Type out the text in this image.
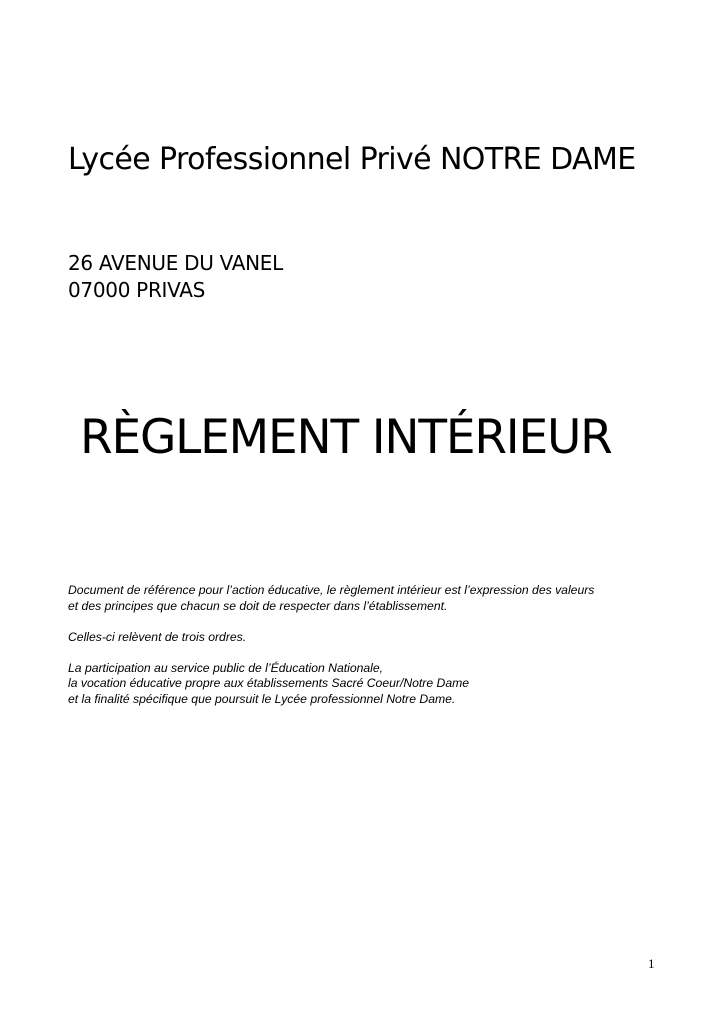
Lycée Professionnel Privé NOTRE DAME
26 AVENUE DU VANEL
07000 PRIVAS
RÈGLEMENT INTÉRIEUR

Document de référence pour l’action éducative, le règlement intérieur est l’expression des valeurs
et des principes que chacun se doit de respecter dans l’établissement.

Celles-ci relèvent de trois ordres.

La participation au service public de l’Éducation Nationale,
la vocation éducative propre aux établissements Sacré Coeur/Notre Dame
et la finalité spécifique que poursuit le Lycée professionnel Notre Dame.

1
